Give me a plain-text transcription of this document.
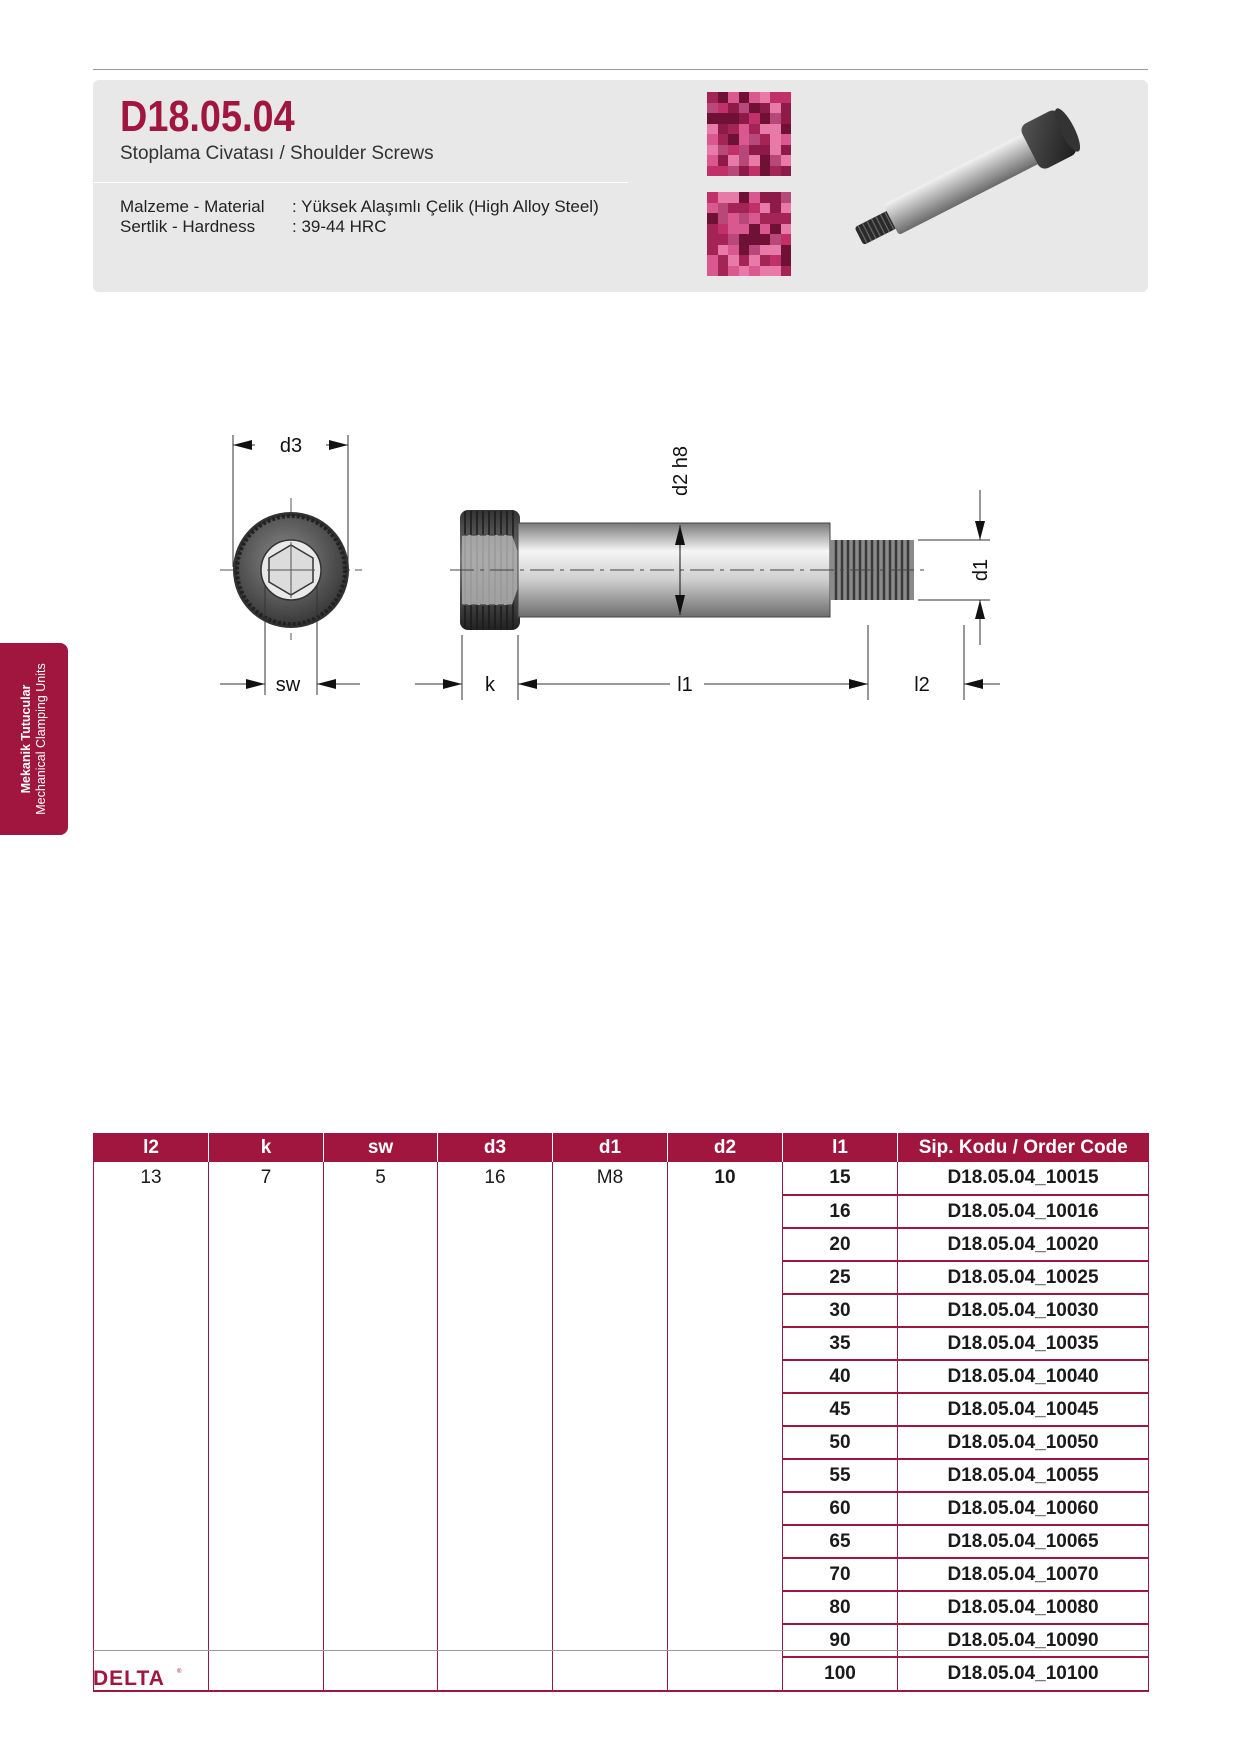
D18.05.04
Stoplama Civatası / Shoulder Screws
Malzeme - Material : Yüksek Alaşımlı Çelik (High Alloy Steel)
Sertlik - Hardness : 39-44 HRC
d3
sw
d2 h8
d1
k	l1	l2
Mekanik Tutucular Mechanical Clamping Units
l2	k	sw	d3	d1	d2	l1	Sip. Kodu / Order Code
13	7	5	16	M8	10	15	D18.05.04_10015
						16	D18.05.04_10016
						20	D18.05.04_10020
						25	D18.05.04_10025
						30	D18.05.04_10030
						35	D18.05.04_10035
						40	D18.05.04_10040
						45	D18.05.04_10045
						50	D18.05.04_10050
						55	D18.05.04_10055
						60	D18.05.04_10060
						65	D18.05.04_10065
						70	D18.05.04_10070
						80	D18.05.04_10080
						90	D18.05.04_10090
						100	D18.05.04_10100
DELTA ®
